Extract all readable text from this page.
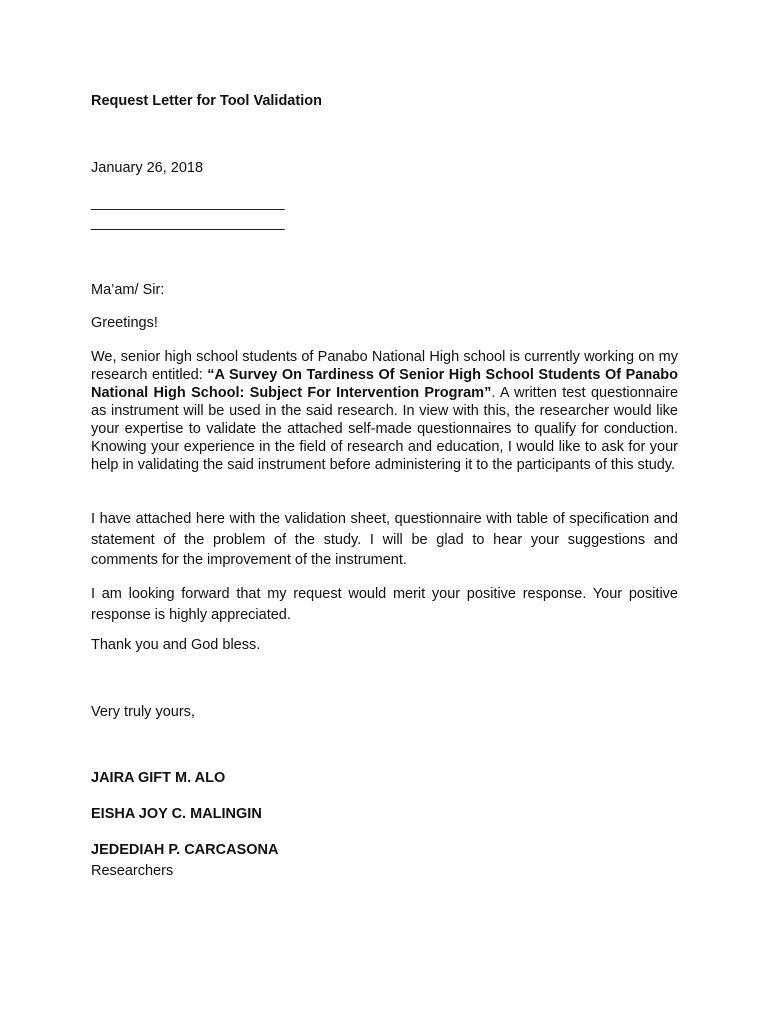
Request Letter for Tool Validation
January 26, 2018
________________________
________________________
Ma’am/ Sir:
Greetings!
We, senior high school students of Panabo National High school is currently working on my research entitled: “A Survey On Tardiness Of Senior High School Students Of Panabo National High School: Subject For Intervention Program”. A written test questionnaire as instrument will be used in the said research. In view with this, the researcher would like your expertise to validate the attached self-made questionnaires to qualify for conduction. Knowing your experience in the field of research and education, I would like to ask for your help in validating the said instrument before administering it to the participants of this study.
I have attached here with the validation sheet, questionnaire with table of specification and statement of the problem of the study. I will be glad to hear your suggestions and comments for the improvement of the instrument.
I am looking forward that my request would merit your positive response. Your positive response is highly appreciated.
Thank you and God bless.
Very truly yours,
JAIRA GIFT M. ALO
EISHA JOY C. MALINGIN
JEDEDIAH P. CARCASONA
Researchers
